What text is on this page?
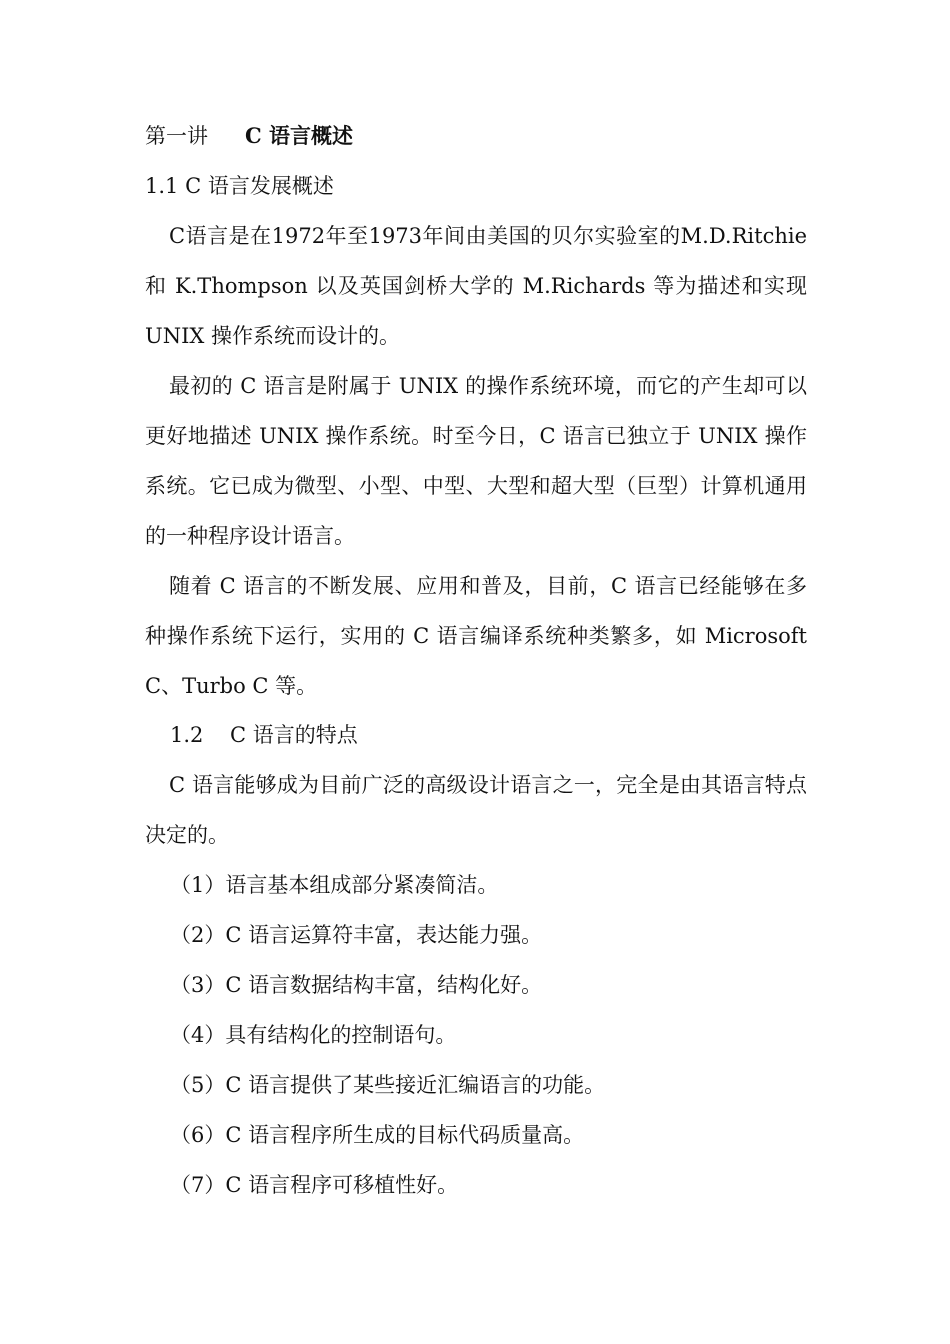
第一讲 C 语言概述
1.1 C 语言发展概述

C语言是在1972年至1973年间由美国的贝尔实验室的M.D.Ritchie和 K.Thompson 以及英国剑桥大学的 M.Richards 等为描述和实现UNIX 操作系统而设计的。

最初的 C 语言是附属于 UNIX 的操作系统环境，而它的产生却可以更好地描述 UNIX 操作系统。时至今日，C 语言已独立于 UNIX 操作系统。它已成为微型、小型、中型、大型和超大型（巨型）计算机通用的一种程序设计语言。

随着 C 语言的不断发展、应用和普及，目前，C 语言已经能够在多种操作系统下运行，实用的 C 语言编译系统种类繁多，如 Microsoft C、Turbo C 等。

1.2 C 语言的特点

C 语言能够成为目前广泛的高级设计语言之一，完全是由其语言特点决定的。

（1）语言基本组成部分紧凑简洁。
（2）C 语言运算符丰富，表达能力强。
（3）C 语言数据结构丰富，结构化好。
（4）具有结构化的控制语句。
（5）C 语言提供了某些接近汇编语言的功能。
（6）C 语言程序所生成的目标代码质量高。
（7）C 语言程序可移植性好。
